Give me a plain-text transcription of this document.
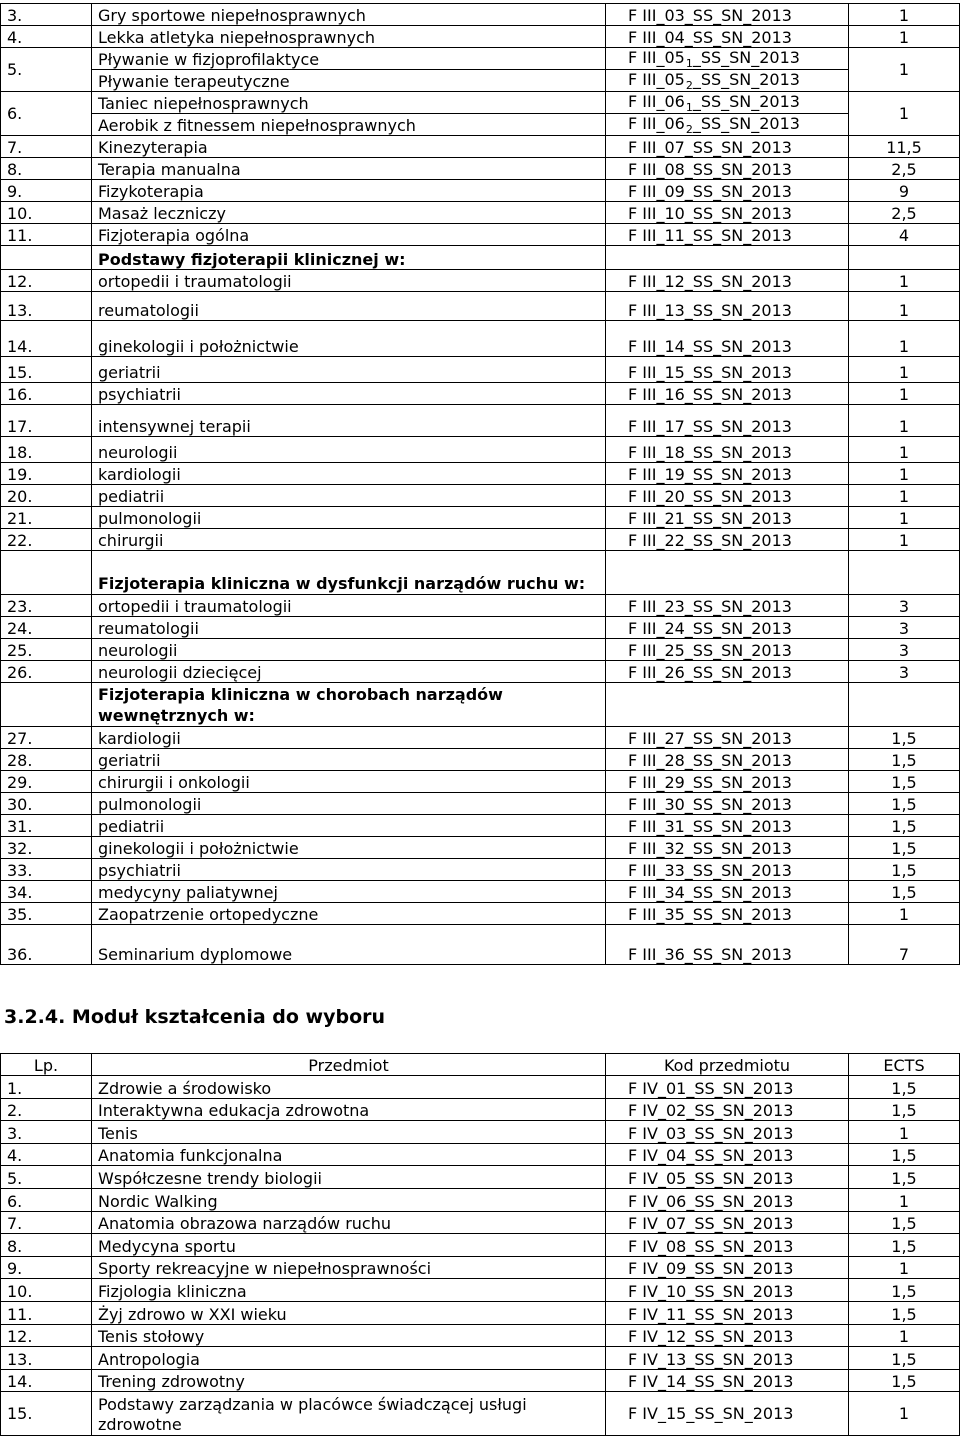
3.	Gry sportowe niepełnosprawnych	F III_03_SS_SN_2013	1
4.	Lekka atletyka niepełnosprawnych	F III_04_SS_SN_2013	1
5.	Pływanie w fizjoprofilaktyce	F $III\_05_1\_SS\_SN\_2013$	1
	Pływanie terapeutyczne	F $III\_05_2\_SS\_SN\_2013$	
6.	Taniec niepełnosprawnych	F $III\_06_1\_SS\_SN\_2013$	1
	Aerobik z fitnessem niepełnosprawnych	F $III\_06_2\_SS\_SN\_2013$	
7.	Kinezyterapia	F III_07_SS_SN_2013	11,5
8.	Terapia manualna	F III_08_SS_SN_2013	2,5
9.	Fizykoterapia	F III_09_SS_SN_2013	9
10.	Masaż leczniczy	F III_10_SS_SN_2013	2,5
11.	Fizjoterapia ogólna	F III_11_SS_SN_2013	4
	Podstawy fizjoterapii klinicznej w:		
12.	ortopedii i traumatologii	F III_12_SS_SN_2013	1
13.	reumatologii	F III_13_SS_SN_2013	1
14.	ginekologii i położnictwie	F III_14_SS_SN_2013	1
15.	geriatrii	F III_15_SS_SN_2013	1
16.	psychiatrii	F III_16_SS_SN_2013	1
17.	intensywnej terapii	F III_17_SS_SN_2013	1
18.	neurologii	F III_18_SS_SN_2013	1
19.	kardiologii	F III_19_SS_SN_2013	1
20.	pediatrii	F III_20_SS_SN_2013	1
21.	pulmonologii	F III_21_SS_SN_2013	1
22.	chirurgii	F III_22_SS_SN_2013	1
	Fizjoterapia kliniczna w dysfunkcji narządów ruchu w:		
23.	ortopedii i traumatologii	F III_23_SS_SN_2013	3
24.	reumatologii	F III_24_SS_SN_2013	3
25.	neurologii	F III_25_SS_SN_2013	3
26.	neurologii dziecięcej	F III_26_SS_SN_2013	3
	Fizjoterapia kliniczna w chorobach narządów wewnętrznych w:		
27.	kardiologii	F III_27_SS_SN_2013	1,5
28.	geriatrii	F III_28_SS_SN_2013	1,5
29.	chirurgii i onkologii	F III_29_SS_SN_2013	1,5
30.	pulmonologii	F III_30_SS_SN_2013	1,5
31.	pediatrii	F III_31_SS_SN_2013	1,5
32.	ginekologii i położnictwie	F III_32_SS_SN_2013	1,5
33.	psychiatrii	F III_33_SS_SN_2013	1,5
34.	medycyny paliatywnej	F III_34_SS_SN_2013	1,5
35.	Zaopatrzenie ortopedyczne	F III_35_SS_SN_2013	1
36.	Seminarium dyplomowe	F III_36_SS_SN_2013	7
3.2.4. Moduł kształcenia do wyboru
Lp.	Przedmiot	Kod przedmiotu	ECTS
1.	Zdrowie a środowisko	F IV_01_SS_SN_2013	1,5
2.	Interaktywna edukacja zdrowotna	F IV_02_SS_SN_2013	1,5
3.	Tenis	F IV_03_SS_SN_2013	1
4.	Anatomia funkcjonalna	F IV_04_SS_SN_2013	1,5
5.	Współczesne trendy biologii	F IV_05_SS_SN_2013	1,5
6.	Nordic Walking	F IV_06_SS_SN_2013	1
7.	Anatomia obrazowa narządów ruchu	F IV_07_SS_SN_2013	1,5
8.	Medycyna sportu	F IV_08_SS_SN_2013	1,5
9.	Sporty rekreacyjne w niepełnosprawności	F IV_09_SS_SN_2013	1
10.	Fizjologia kliniczna	F IV_10_SS_SN_2013	1,5
11.	Żyj zdrowo w XXI wieku	F IV_11_SS_SN_2013	1,5
12.	Tenis stołowy	F IV_12_SS_SN_2013	1
13.	Antropologia	F IV_13_SS_SN_2013	1,5
14.	Trening zdrowotny	F IV_14_SS_SN_2013	1,5
15.	Podstawy zarządzania w placówce świadczącej usługi zdrowotne	F IV_15_SS_SN_2013	1
